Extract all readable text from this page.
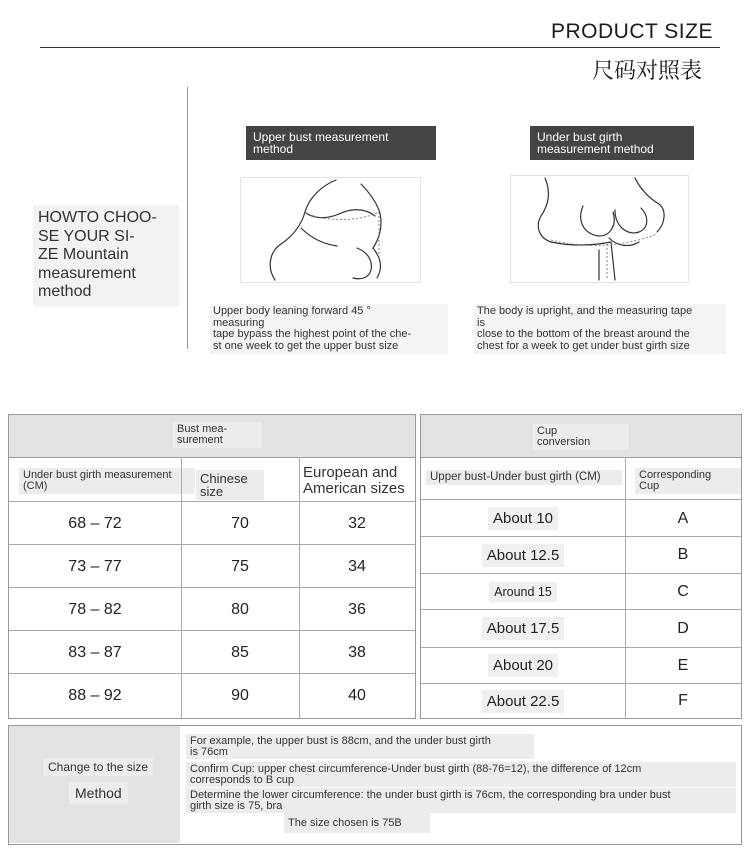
PRODUCT SIZE
尺码对照表
HOWTO CHOO-
SE YOUR SI-
ZE Mountain
measurement
method
Upper bust measurement method
Under bust girth measurement method
Upper body leaning forward 45 °
measuring
tape bypass the highest point of the che-
st one week to get the upper bust size
The body is upright, and the measuring tape
is
close to the bottom of the breast around the
chest for a week to get under bust girth size
Bust mea-
surement
Under bust girth measurement (CM)	Chinese
size
European and
American sizes
68 – 72	70	32
73 – 77	75	34
78 – 82	80	36
83 – 87	85	38
88 – 92	90	40
Cup
conversion
Upper bust-Under bust girth (CM)	Corresponding
Cup
About 10	A
About 12.5	B
Around 15	C
About 17.5	D
About 20	E
About 22.5	F
Change to the size
Method
For example, the upper bust is 88cm, and the under bust girth
is 76cm
Confirm Cup: upper chest circumference-Under bust girth (88-76=12), the difference of 12cm
corresponds to B cup
Determine the lower circumference: the under bust girth is 76cm, the corresponding bra under bust
girth size is 75, bra
The size chosen is 75B
